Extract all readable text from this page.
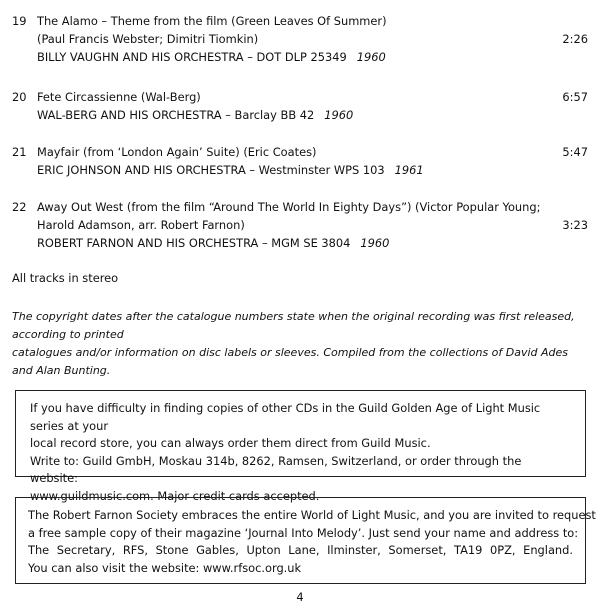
19 The Alamo – Theme from the film (Green Leaves Of Summer)
(Paul Francis Webster; Dimitri Tiomkin)	2:26
BILLY VAUGHN AND HIS ORCHESTRA – DOT DLP 25349 1960
20 Fete Circassienne (Wal-Berg)	6:57
WAL-BERG AND HIS ORCHESTRA – Barclay BB 42 1960
21 Mayfair (from ‘London Again’ Suite) (Eric Coates)	5:47
ERIC JOHNSON AND HIS ORCHESTRA – Westminster WPS 103 1961
22 Away Out West (from the film “Around The World In Eighty Days”) (Victor Popular Young;
Harold Adamson, arr. Robert Farnon)	3:23
ROBERT FARNON AND HIS ORCHESTRA – MGM SE 3804 1960
All tracks in stereo
The copyright dates after the catalogue numbers state when the original recording was first released, according to printed
catalogues and/or information on disc labels or sleeves. Compiled from the collections of David Ades and Alan Bunting.
If you have difficulty in finding copies of other CDs in the Guild Golden Age of Light Music series at your
local record store, you can always order them direct from Guild Music.
Write to: Guild GmbH, Moskau 314b, 8262, Ramsen, Switzerland, or order through the website:
www.guildmusic.com. Major credit cards accepted.
The Robert Farnon Society embraces the entire World of Light Music, and you are invited to request
a free sample copy of their magazine ‘Journal Into Melody’. Just send your name and address to:
The Secretary, RFS, Stone Gables, Upton Lane, Ilminster, Somerset, TA19 0PZ, England.
You can also visit the website: www.rfsoc.org.uk
4
